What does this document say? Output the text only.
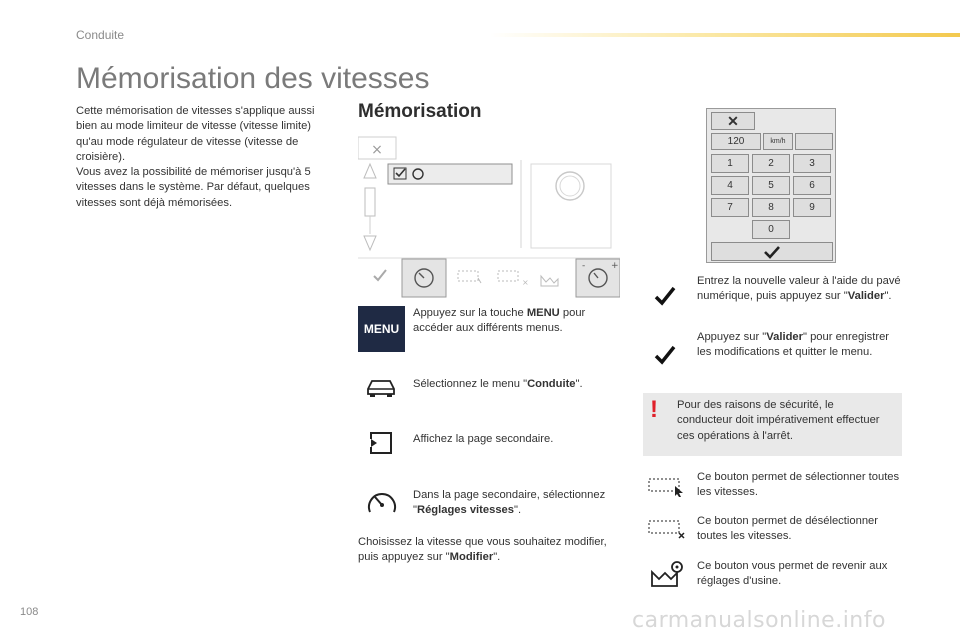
Conduite
Mémorisation des vitesses
Cette mémorisation de vitesses s'applique aussi bien au mode limiteur de vitesse (vitesse limite) qu'au mode régulateur de vitesse (vitesse de croisière).
Vous avez la possibilité de mémoriser jusqu'à 5 vitesses dans le système. Par défaut, quelques vitesses sont déjà mémorisées.
Mémorisation
×
×
-	+
✕
120	km/h
1	2	3
4	5	6
7	8	9
0
MENU
Appuyez sur la touche MENU pour accéder aux différents menus.
Sélectionnez le menu "Conduite".
Affichez la page secondaire.
Dans la page secondaire, sélectionnez "Réglages vitesses".
Choisissez la vitesse que vous souhaitez modifier, puis appuyez sur "Modifier".
Entrez la nouvelle valeur à l'aide du pavé numérique, puis appuyez sur "Valider".
Appuyez sur "Valider" pour enregistrer les modifications et quitter le menu.
! Pour des raisons de sécurité, le conducteur doit impérativement effectuer ces opérations à l'arrêt.
Ce bouton permet de sélectionner toutes les vitesses.
Ce bouton permet de désélectionner toutes les vitesses.
Ce bouton vous permet de revenir aux réglages d'usine.
108	carmanualsonline.info
